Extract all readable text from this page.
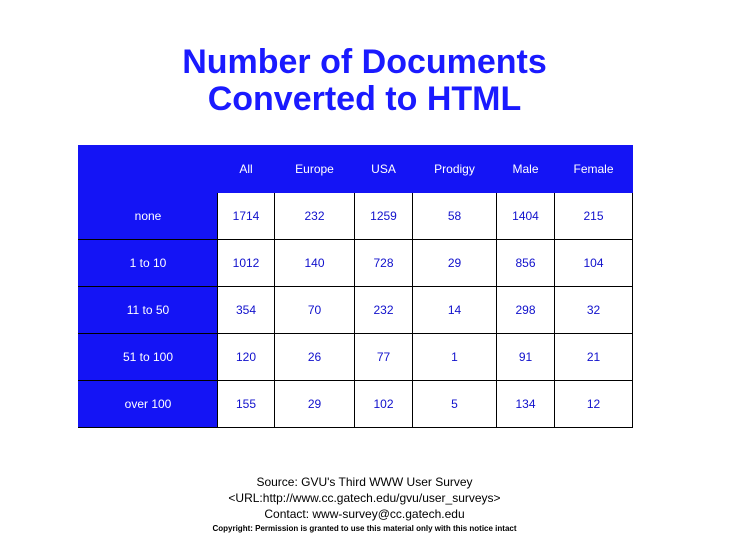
Number of Documents
Converted to HTML
	All	Europe	USA	Prodigy	Male	Female
none	1714	232	1259	58	1404	215
1 to 10	1012	140	728	29	856	104
11 to 50	354	70	232	14	298	32
51 to 100	120	26	77	1	91	21
over 100	155	29	102	5	134	12
Source: GVU's Third WWW User Survey
<URL:http://www.cc.gatech.edu/gvu/user_surveys>
Contact: www-survey@cc.gatech.edu
Copyright: Permission is granted to use this material only with this notice intact
